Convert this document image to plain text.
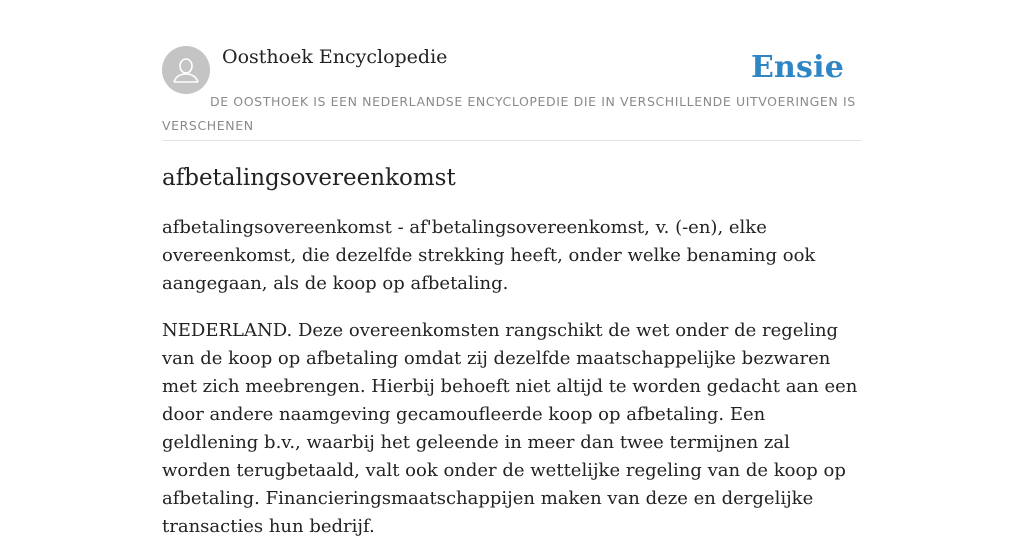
Oosthoek Encyclopedie	Ensie
DE OOSTHOEK IS EEN NEDERLANDSE ENCYCLOPEDIE DIE IN VERSCHILLENDE UITVOERINGEN IS VERSCHENEN
afbetalingsovereenkomst

afbetalingsovereenkomst - af'betalingsovereenkomst, v. (-en), elke overeenkomst, die dezelfde strekking heeft, onder welke benaming ook aangegaan, als de koop op afbetaling.

NEDERLAND. Deze overeenkomsten rangschikt de wet onder de regeling van de koop op afbetaling omdat zij dezelfde maatschappelijke bezwaren met zich meebrengen. Hierbij behoeft niet altijd te worden gedacht aan een door andere naamgeving gecamoufleerde koop op afbetaling. Een geldlening b.v., waarbij het geleende in meer dan twee termijnen zal worden terugbetaald, valt ook onder de wettelijke regeling van de koop op afbetaling. Financieringsmaatschappijen maken van deze en dergelijke transacties hun bedrijf.
